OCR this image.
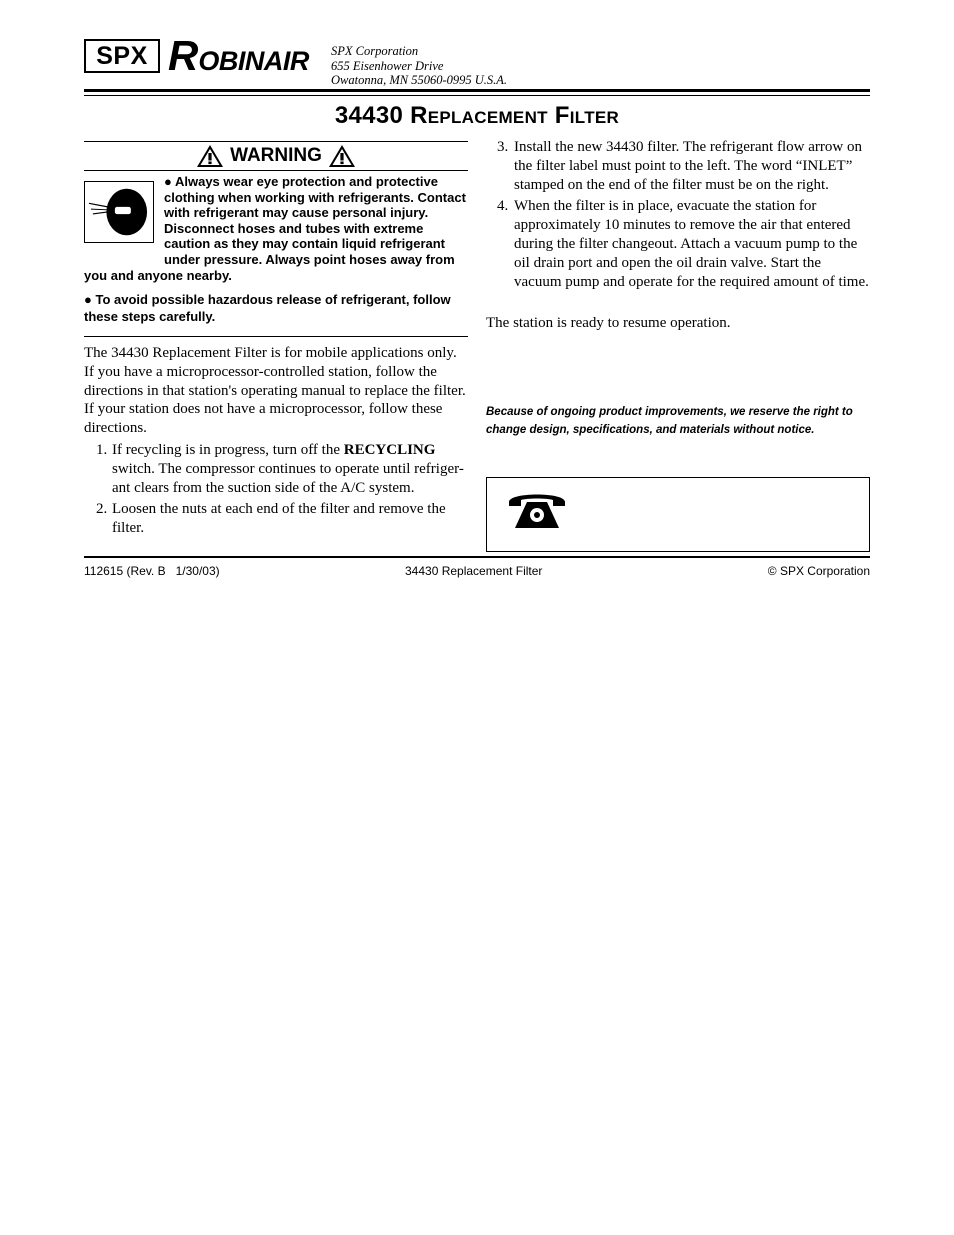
SPX R OBINAIR SPX Corporation
655 Eisenhower Drive
Owatonna, MN 55060-0995 U.S.A.
34430 Replacement Filter
WARNING

● Always wear eye protection and protective clothing when working with refrigerants. Contact with refrigerant may cause personal injury. Disconnect hoses and tubes with extreme caution as they may contain liquid refrigerant under pressure. Always point hoses away from you and anyone nearby.

● To avoid possible hazardous release of refrigerant, follow these steps carefully.

The 34430 Replacement Filter is for mobile applications only. If you have a microprocessor-controlled station, follow the directions in that station's operating manual to replace the filter. If your station does not have a microprocessor, follow these directions.
1. If recycling is in progress, turn off the RECYCLING switch. The compressor continues to operate until refriger-ant clears from the suction side of the A/C system.
2. Loosen the nuts at each end of the filter and remove the filter.
3. Install the new 34430 filter. The refrigerant flow arrow on the filter label must point to the left. The word “INLET” stamped on the end of the filter must be on the right.
4. When the filter is in place, evacuate the station for approximately 10 minutes to remove the air that entered during the filter changeout. Attach a vacuum pump to the oil drain port and open the oil drain valve. Start the vacuum pump and operate for the required amount of time.
The station is ready to resume operation.
Because of ongoing product improvements, we reserve the right to change design, specifications, and materials without notice.
112615 (Rev. B   1/30/03)	34430 Replacement Filter	© SPX Corporation
